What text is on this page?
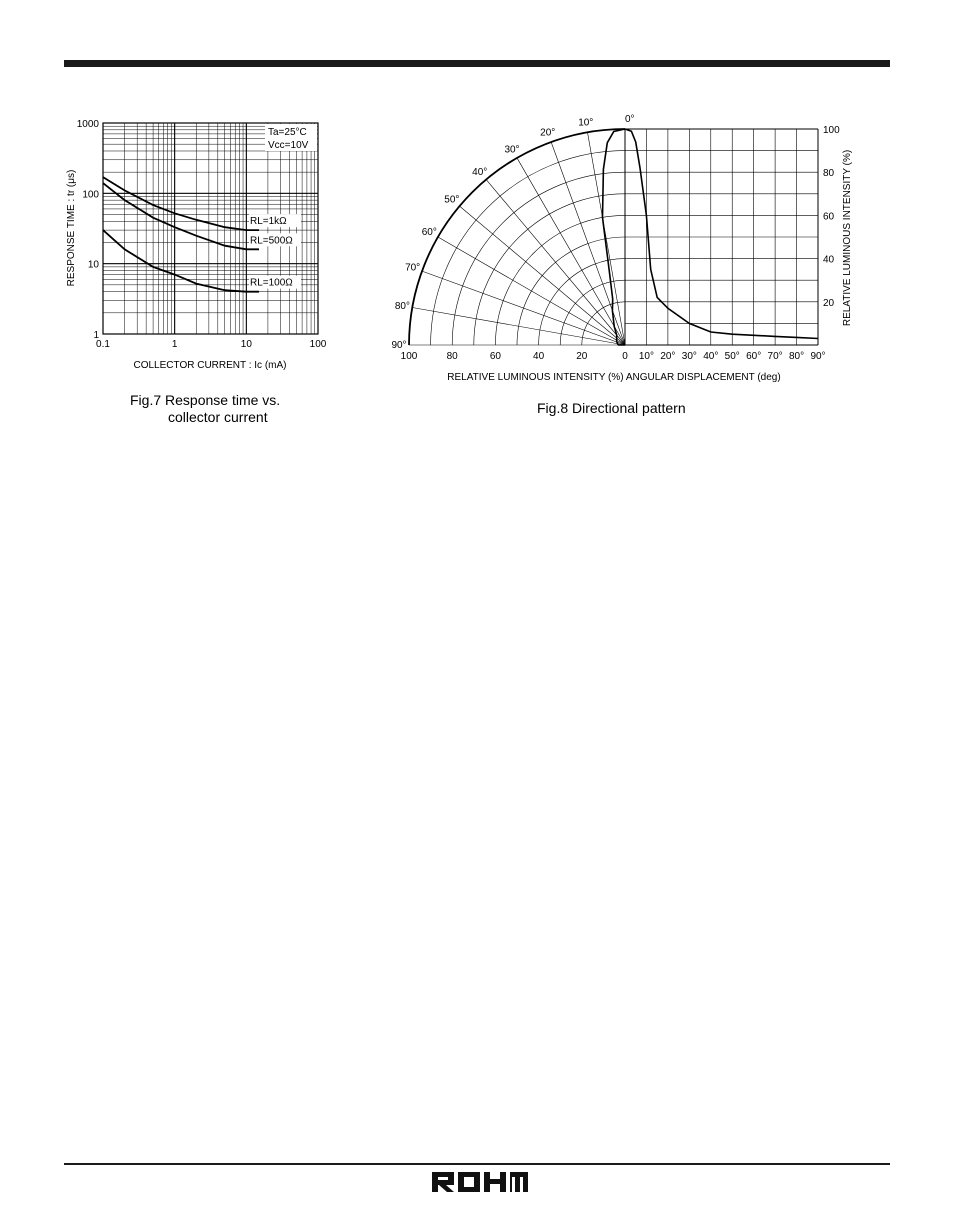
0.1	1	10	100
1
10
100
1000
Ta=25°C
Vcc=10V
RL=1kΩ
RL=500Ω
RL=100Ω
COLLECTOR CURRENT : Ic (mA)
RESPONSE TIME : tr (μs)
Fig.7 Response time vs.
collector current
100	80	60	40	20	0 10° 20° 30° 40° 50° 60° 70° 80° 90°
100
80
60
40
20
0°
10°
20°
30°
40°
50°
60°
70°
80°
90°
RELATIVE LUMINOUS INTENSITY (%) ANGULAR DISPLACEMENT (deg)
RELATIVE LUMINOUS INTENSITY (%)
Fig.8 Directional pattern
ROHM
